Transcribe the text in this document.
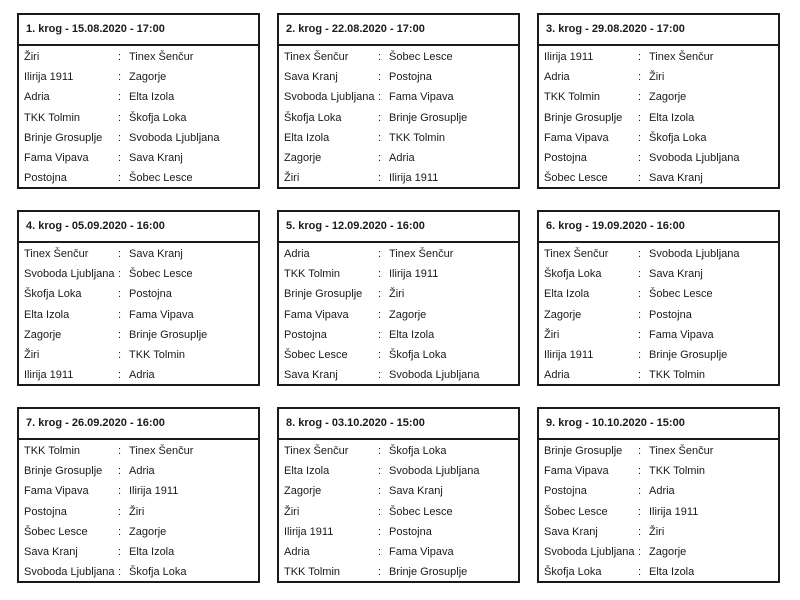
1. krog - 15.08.2020 - 17:00
Žiri	: Tinex Šenčur
Ilirija 1911	: Zagorje
Adria	: Elta Izola
TKK Tolmin	: Škofja Loka
Brinje Grosuplje : Svoboda Ljubljana
Fama Vipava	: Sava Kranj
Postojna	: Šobec Lesce
2. krog - 22.08.2020 - 17:00
Tinex Šenčur	: Šobec Lesce
Sava Kranj	: Postojna
Svoboda Ljubljana : Fama Vipava
Škofja Loka	: Brinje Grosuplje
Elta Izola	: TKK Tolmin
Zagorje	: Adria
Žiri	: Ilirija 1911
3. krog - 29.08.2020 - 17:00
Ilirija 1911	: Tinex Šenčur
Adria	: Žiri
TKK Tolmin	: Zagorje
Brinje Grosuplje : Elta Izola
Fama Vipava	: Škofja Loka
Postojna	: Svoboda Ljubljana
Šobec Lesce	: Sava Kranj
4. krog - 05.09.2020 - 16:00
Tinex Šenčur	: Sava Kranj
Svoboda Ljubljana : Šobec Lesce
Škofja Loka	: Postojna
Elta Izola	: Fama Vipava
Zagorje	: Brinje Grosuplje
Žiri	: TKK Tolmin
Ilirija 1911	: Adria
5. krog - 12.09.2020 - 16:00
Adria	: Tinex Šenčur
TKK Tolmin	: Ilirija 1911
Brinje Grosuplje : Žiri
Fama Vipava	: Zagorje
Postojna	: Elta Izola
Šobec Lesce	: Škofja Loka
Sava Kranj	: Svoboda Ljubljana
6. krog - 19.09.2020 - 16:00
Tinex Šenčur	: Svoboda Ljubljana
Škofja Loka	: Sava Kranj
Elta Izola	: Šobec Lesce
Zagorje	: Postojna
Žiri	: Fama Vipava
Ilirija 1911	: Brinje Grosuplje
Adria	: TKK Tolmin
7. krog - 26.09.2020 - 16:00
TKK Tolmin	: Tinex Šenčur
Brinje Grosuplje : Adria
Fama Vipava	: Ilirija 1911
Postojna	: Žiri
Šobec Lesce	: Zagorje
Sava Kranj	: Elta Izola
Svoboda Ljubljana : Škofja Loka
8. krog - 03.10.2020 - 15:00
Tinex Šenčur	: Škofja Loka
Elta Izola	: Svoboda Ljubljana
Zagorje	: Sava Kranj
Žiri	: Šobec Lesce
Ilirija 1911	: Postojna
Adria	: Fama Vipava
TKK Tolmin	: Brinje Grosuplje
9. krog - 10.10.2020 - 15:00
Brinje Grosuplje : Tinex Šenčur
Fama Vipava	: TKK Tolmin
Postojna	: Adria
Šobec Lesce	: Ilirija 1911
Sava Kranj	: Žiri
Svoboda Ljubljana : Zagorje
Škofja Loka	: Elta Izola
